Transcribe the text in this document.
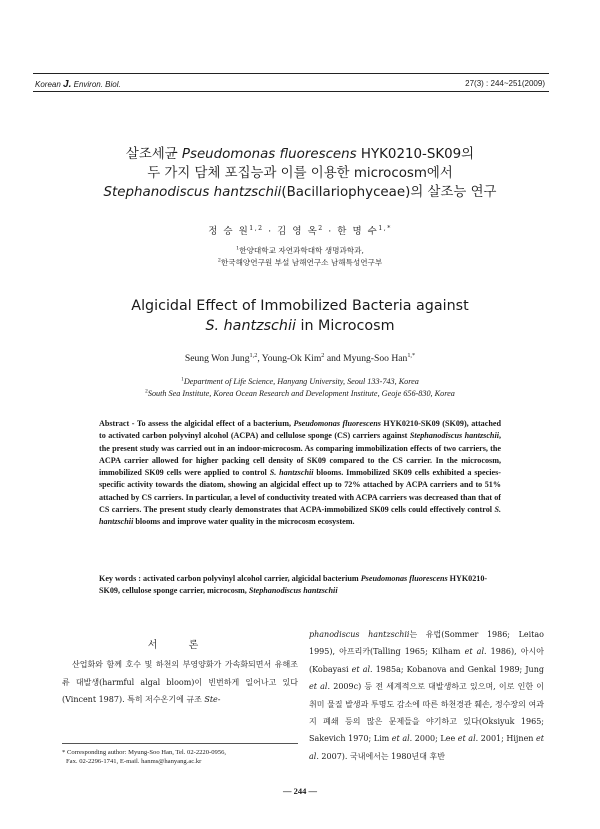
Korean J. Environ. Biol.	27(3) : 244~251(2009)
살조세균 Pseudomonas fluorescens HYK0210-SK09의
두 가지 담체 포집능과 이를 이용한 microcosm에서
Stephanodiscus hantzschii(Bacillariophyceae)의 살조능 연구
정 승 원$^{1,2}$ · 김 영 옥$^2$ · 한 명 수$^{1,*}$
$^1$한양대학교 자연과학대학 생명과학과,
$^2$한국해양연구원 부설 남해연구소 남해특성연구부
Algicidal Effect of Immobilized Bacteria against
S. hantzschii in Microcosm
Seung Won Jung$^{1,2}$, Young-Ok Kim$^2$ and Myung-Soo Han$^{1,*}$
$^1$Department of Life Science, Hanyang University, Seoul 133-743, Korea
$^2$South Sea Institute, Korea Ocean Research and Development Institute, Geoje 656-830, Korea
Abstract - To assess the algicidal effect of a bacterium, Pseudomonas fluorescens HYK0210-SK09 (SK09), attached to activated carbon polyvinyl alcohol (ACPA) and cellulose sponge (CS) carriers against Stephanodiscus hantzschii, the present study was carried out in an indoor-microcosm. As comparing immobilization effects of two carriers, the ACPA carrier allowed for higher packing cell density of SK09 compared to the CS carrier. In the microcosm, immobilized SK09 cells were applied to control S. hantzschii blooms. Immobilized SK09 cells exhibited a species-specific activity towards the diatom, showing an algicidal effect up to 72% attached by ACPA carriers and to 51% attached by CS carriers. In particular, a level of conductivity treated with ACPA carriers was decreased than that of CS carriers. The present study clearly demonstrates that ACPA-immobilized SK09 cells could effectively control S. hantzschii blooms and improve water quality in the microcosm ecosystem.
Key words : activated carbon polyvinyl alcohol carrier, algicidal bacterium Pseudomonas fluorescens HYK0210-SK09, cellulose sponge carrier, microcosm, Stephanodiscus hantzschii
서 론
산업화와 함께 호수 및 하천의 부영양화가 가속화되면서 유해조류 대발생(harmful algal bloom)이 빈번하게 일어나고 있다(Vincent 1987). 특히 저수온기에 규조 Ste-
phanodiscus hantzschii는 유럽(Sommer 1986; Leitao 1995), 아프리카(Talling 1965; Kilham et al. 1986), 아시아(Kobayasi et al. 1985a; Kobanova and Genkal 1989; Jung et al. 2009c) 등 전 세계적으로 대발생하고 있으며, 이로 인한 이취미 물질 발생과 투명도 감소에 따른 하천경관 훼손, 정수장의 여과지 폐쇄 등의 많은 문제들을 야기하고 있다(Oksiyuk 1965; Sakevich 1970; Lim et al. 2000; Lee et al. 2001; Hijnen et al. 2007). 국내에서는 1980년대 후반
* Corresponding author: Myung-Soo Han, Tel. 02-2220-0956,
Fax. 02-2296-1741, E-mail. hanms@hanyang.ac.kr
— 244 —
